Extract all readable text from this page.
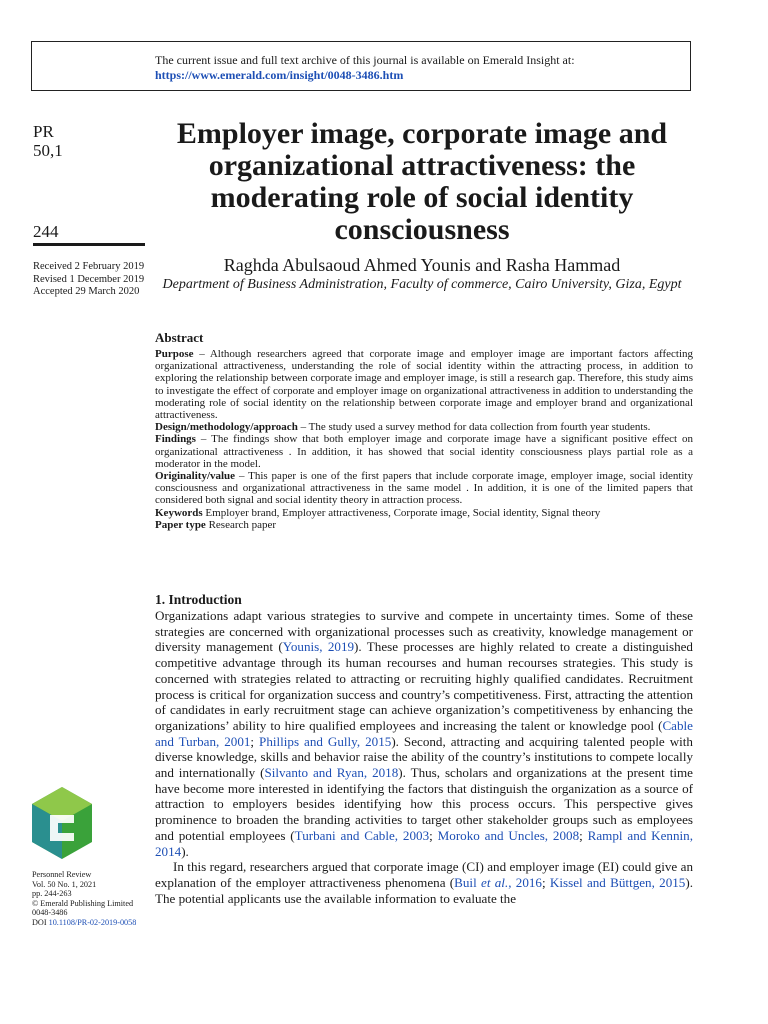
The current issue and full text archive of this journal is available on Emerald Insight at:
https://www.emerald.com/insight/0048-3486.htm
PR
50,1
244
Received 2 February 2019
Revised 1 December 2019
Accepted 29 March 2020
Employer image, corporate image and organizational attractiveness: the moderating role of social identity consciousness
Raghda Abulsaoud Ahmed Younis and Rasha Hammad
Department of Business Administration, Faculty of commerce, Cairo University, Giza, Egypt
Abstract

Purpose – Although researchers agreed that corporate image and employer image are important factors affecting organizational attractiveness, understanding the role of social identity within the attracting process, in addition to exploring the relationship between corporate image and employer image, is still a research gap. Therefore, this study aims to investigate the effect of corporate and employer image on organizational attractiveness in addition to understanding the moderating role of social identity on the relationship between corporate image and employer brand and organizational attractiveness.

Design/methodology/approach – The study used a survey method for data collection from fourth year students.

Findings – The findings show that both employer image and corporate image have a significant positive effect on organizational attractiveness . In addition, it has showed that social identity consciousness plays partial role as a moderator in the model.

Originality/value – This paper is one of the first papers that include corporate image, employer image, social identity consciousness and organizational attractiveness in the same model . In addition, it is one of the limited papers that considered both signal and social identity theory in attraction process.

Keywords Employer brand, Employer attractiveness, Corporate image, Social identity, Signal theory

Paper type Research paper

1. Introduction

Organizations adapt various strategies to survive and compete in uncertainty times. Some of these strategies are concerned with organizational processes such as creativity, knowledge management or diversity management (Younis, 2019). These processes are highly related to create a distinguished competitive advantage through its human recourses and human recourses strategies. This study is concerned with strategies related to attracting or recruiting highly qualified candidates. Recruitment process is critical for organization success and country’s competitiveness. First, attracting the attention of candidates in early recruitment stage can achieve organization’s competitiveness by enhancing the organizations’ ability to hire qualified employees and increasing the talent or knowledge pool (Cable and Turban, 2001; Phillips and Gully, 2015). Second, attracting and acquiring talented people with diverse knowledge, skills and behavior raise the ability of the country’s institutions to compete locally and internationally (Silvanto and Ryan, 2018). Thus, scholars and organizations at the present time have become more interested in identifying the factors that distinguish the organization as a source of attraction to employers besides identifying how this process occurs. This perspective gives prominence to broaden the branding activities to target other stakeholder groups such as employees and potential employees (Turbani and Cable, 2003; Moroko and Uncles, 2008; Rampl and Kennin, 2014).

In this regard, researchers argued that corporate image (CI) and employer image (EI) could give an explanation of the employer attractiveness phenomena (Buil et al., 2016; Kissel and Büttgen, 2015). The potential applicants use the available information to evaluate the

Personnel Review
Vol. 50 No. 1, 2021
pp. 244-263
© Emerald Publishing Limited
0048-3486
DOI 10.1108/PR-02-2019-0058
